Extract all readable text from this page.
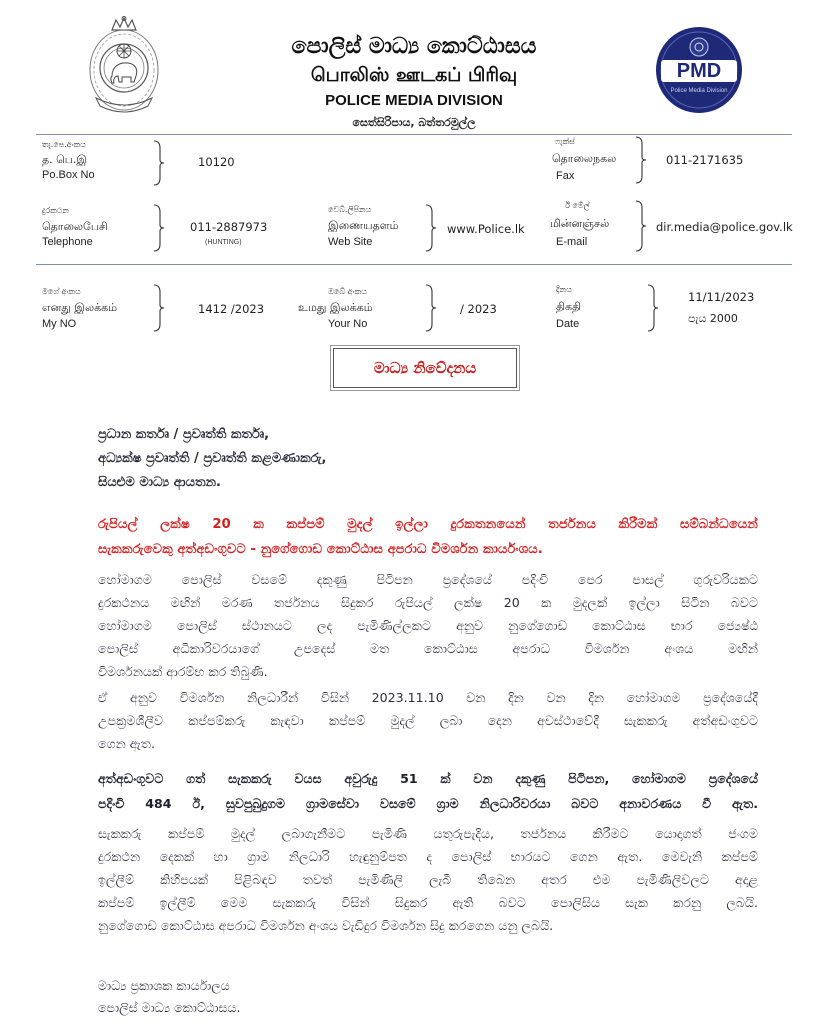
පොලිස් මාධ්‍ය කොට්ඨාසය
பொலிஸ் ஊடகப் பிரிவு
POLICE MEDIA DIVISION
සෙත්සිරිපාය, බත්තරමුල්ල
PMD
Police Media Division
තැ.පෙ.අංකය
த. பெ.இ
Po.Box No
10120
ෆැක්ස්
தொலைநகல
Fax
011-2171635
දුරකථන
தொலைபேசி
Telephone
011-2887973
(HUNTING)
වෙබ්.ලිපිනය
இணையதளம்
Web Site
www.Police.lk
ඊ මේල්
மின்னஞ்சல்
E-mail
dir.media@police.gov.lk
මගේ අංකය
எனது இலக்கம்
My NO
1412 /2023
ඔබේ අංකය
உமது இலக்கம்
Your No
/ 2023
දිනය
திகதி
Date
11/11/2023
පැය 2000
මාධ්‍ය නිවේදනය
ප්‍රධාන කර්තෘ / ප්‍රවෘත්ති කර්තෘ,
අධ්‍යක්ෂ ප්‍රවෘත්ති / ප්‍රවෘත්ති කළමණාකරු,
සියළුම මාධ්‍ය ආයතන.
රුපියල් ලක්ෂ 20 ක කප්පම් මුදල් ඉල්ලා දුරකතනයෙන් තර්ජනය කිරීමක් සම්බන්ධයෙන්
සැකකරුවෙකු අත්අඩංගුවට - නුගේගොඩ කොට්ඨාස අපරාධ විමර්ශන කාර්යංශය.
හෝමාගම පොලිස් වසමේ දකුණු පිටිපන ප්‍රදේශයේ පදිංචි පෙර පාසල් ගුරුවරියකට
දුරකථනය මඟින් මරණ තර්ජනය සිදුකර රුපියල් ලක්ෂ 20 ක මුදලක් ඉල්ලා සිටින බවට
හෝමාගම පොලිස් ස්ථානයට ලද පැමිණිල්ලකට අනුව නුගේගොඩ කොට්ඨාස භාර ජ්‍යෙෂ්ඨ
පොලිස් අධිකාරිවරයාගේ උපදෙස් මත කොට්ඨාස අපරාධ විමර්ශන අංශය මඟින්
විමර්ශනයක් ආරම්භ කර තිබුණි.
ඒ අනුව විමර්ශන නිලධාරීන් විසින් 2023.11.10 වන දින වන දින හෝමාගම ප්‍රදේශයේදී
උපක්‍රමශීලීව කප්පම්කරු කැඳවා කප්පම් මුදල් ලබා දෙන අවස්ථාවේදී සැකකරු අත්අඩංගුවට
ගෙන ඇත.
අත්අඩංගුවට ගත් සැකකරු වයස අවුරුදු 51 ක් වන දකුණු පිටිපන, හෝමාගම ප්‍රදේශයේ
පදිංචි 484 ඊ, සුවපුබුදුගම ග්‍රාමසේවා වසමේ ග්‍රාම නිලධාරිවරයා බවට අනාවරණය වී ඇත.
සැකකරු කප්පම් මුදල් ලබාගැනීමට පැමිණි යතුරුපැදිය, තර්ජනය කිරීමට යොදාගත් ජංගම
දුරකථන දෙකක් හා ග්‍රාම නිලධාරි හැඳුනුම්පත ද පොලිස් භාරයට ගෙන ඇත. මෙවැනි කප්පම්
ඉල්ලීම් කිහිපයක් පිළිබඳව තවත් පැමිණිලි ලැබී තිබෙන අතර එම පැමිණිලිවලට අදාළ
කප්පම් ඉල්ලීම් මෙම සැකකරු විසින් සිදුකර ඇති බවට පොලිසිය සැක කරනු ලබයි.
නුගේගොඩ කොට්ඨාස අපරාධ විමර්ශන අංශය වැඩිදුර විමර්ශන සිදු කරගෙන යනු ලබයි.
මාධ්‍ය ප්‍රකාශක කාර්යාලය
පොලිස් මාධ්‍ය කොට්ඨාසය.
